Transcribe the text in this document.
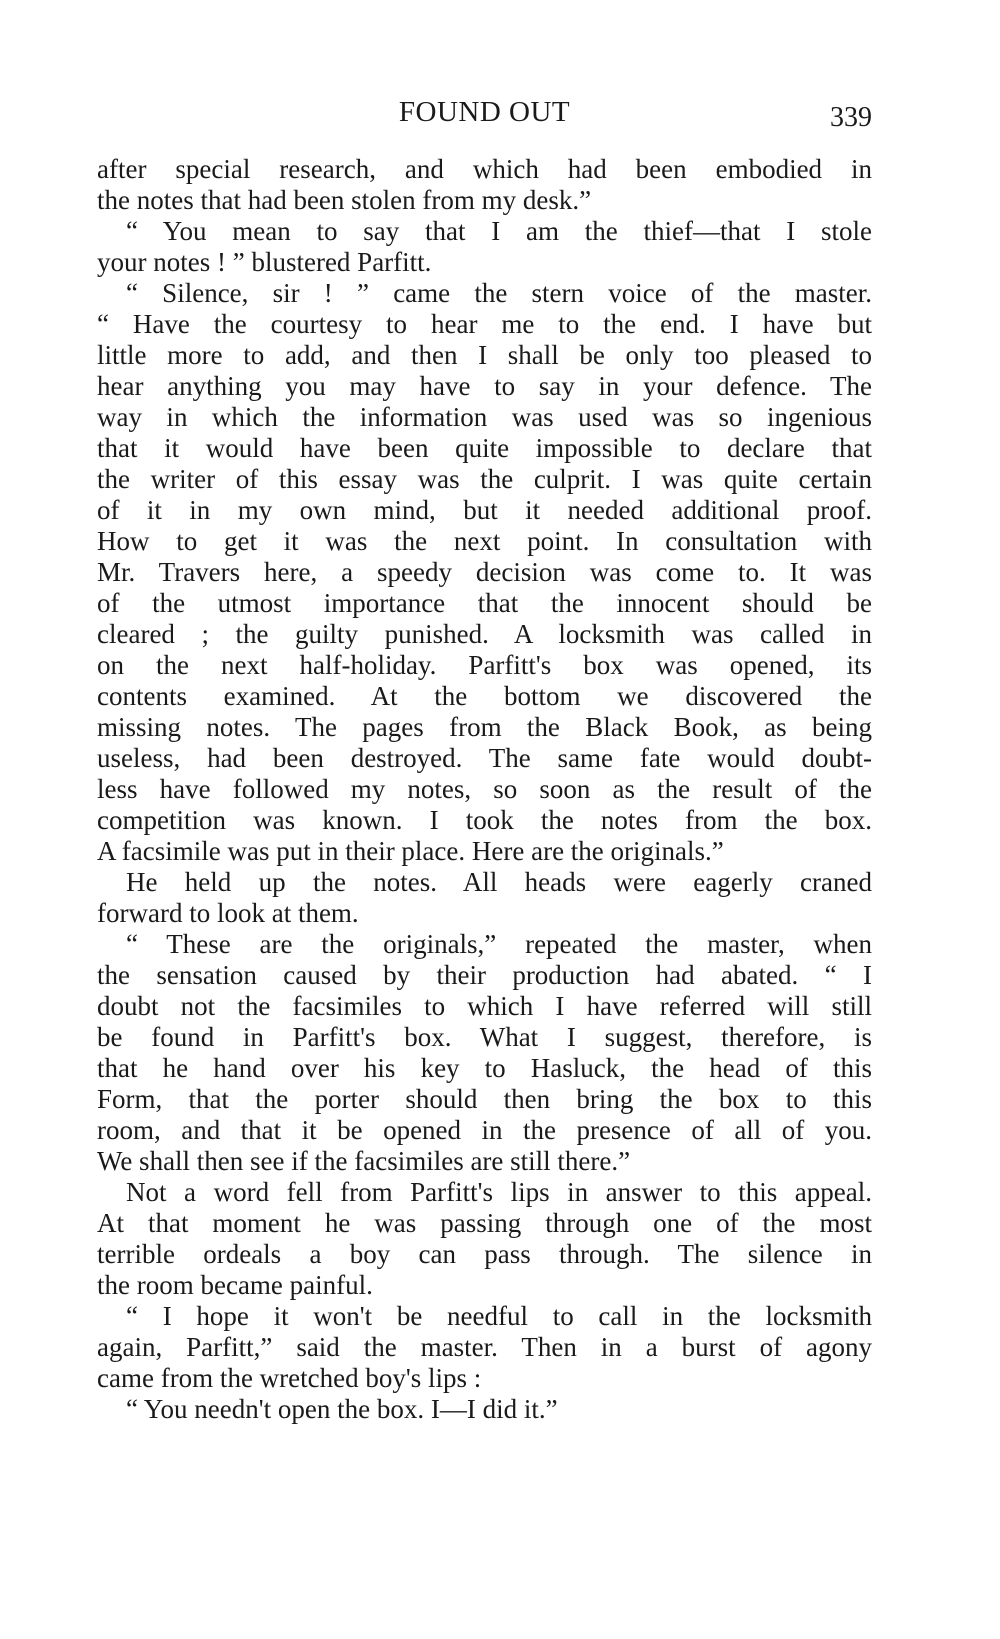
FOUND OUT	339
after special research, and which had been embodied in
the notes that had been stolen from my desk.”
“ You mean to say that I am the thief—that I stole
your notes ! ” blustered Parfitt.
“ Silence, sir ! ” came the stern voice of the master.
“ Have the courtesy to hear me to the end. I have but
little more to add, and then I shall be only too pleased to
hear anything you may have to say in your defence. The
way in which the information was used was so ingenious
that it would have been quite impossible to declare that
the writer of this essay was the culprit. I was quite certain
of it in my own mind, but it needed additional proof.
How to get it was the next point. In consultation with
Mr. Travers here, a speedy decision was come to. It was
of the utmost importance that the innocent should be
cleared ; the guilty punished. A locksmith was called in
on the next half-holiday. Parfitt's box was opened, its
contents examined. At the bottom we discovered the
missing notes. The pages from the Black Book, as being
useless, had been destroyed. The same fate would doubt-
less have followed my notes, so soon as the result of the
competition was known. I took the notes from the box.
A facsimile was put in their place. Here are the originals.”
He held up the notes. All heads were eagerly craned
forward to look at them.
“ These are the originals,” repeated the master, when
the sensation caused by their production had abated. “ I
doubt not the facsimiles to which I have referred will still
be found in Parfitt's box. What I suggest, therefore, is
that he hand over his key to Hasluck, the head of this
Form, that the porter should then bring the box to this
room, and that it be opened in the presence of all of you.
We shall then see if the facsimiles are still there.”
Not a word fell from Parfitt's lips in answer to this appeal.
At that moment he was passing through one of the most
terrible ordeals a boy can pass through. The silence in
the room became painful.
“ I hope it won't be needful to call in the locksmith
again, Parfitt,” said the master. Then in a burst of agony
came from the wretched boy's lips :
“ You needn't open the box. I—I did it.”
